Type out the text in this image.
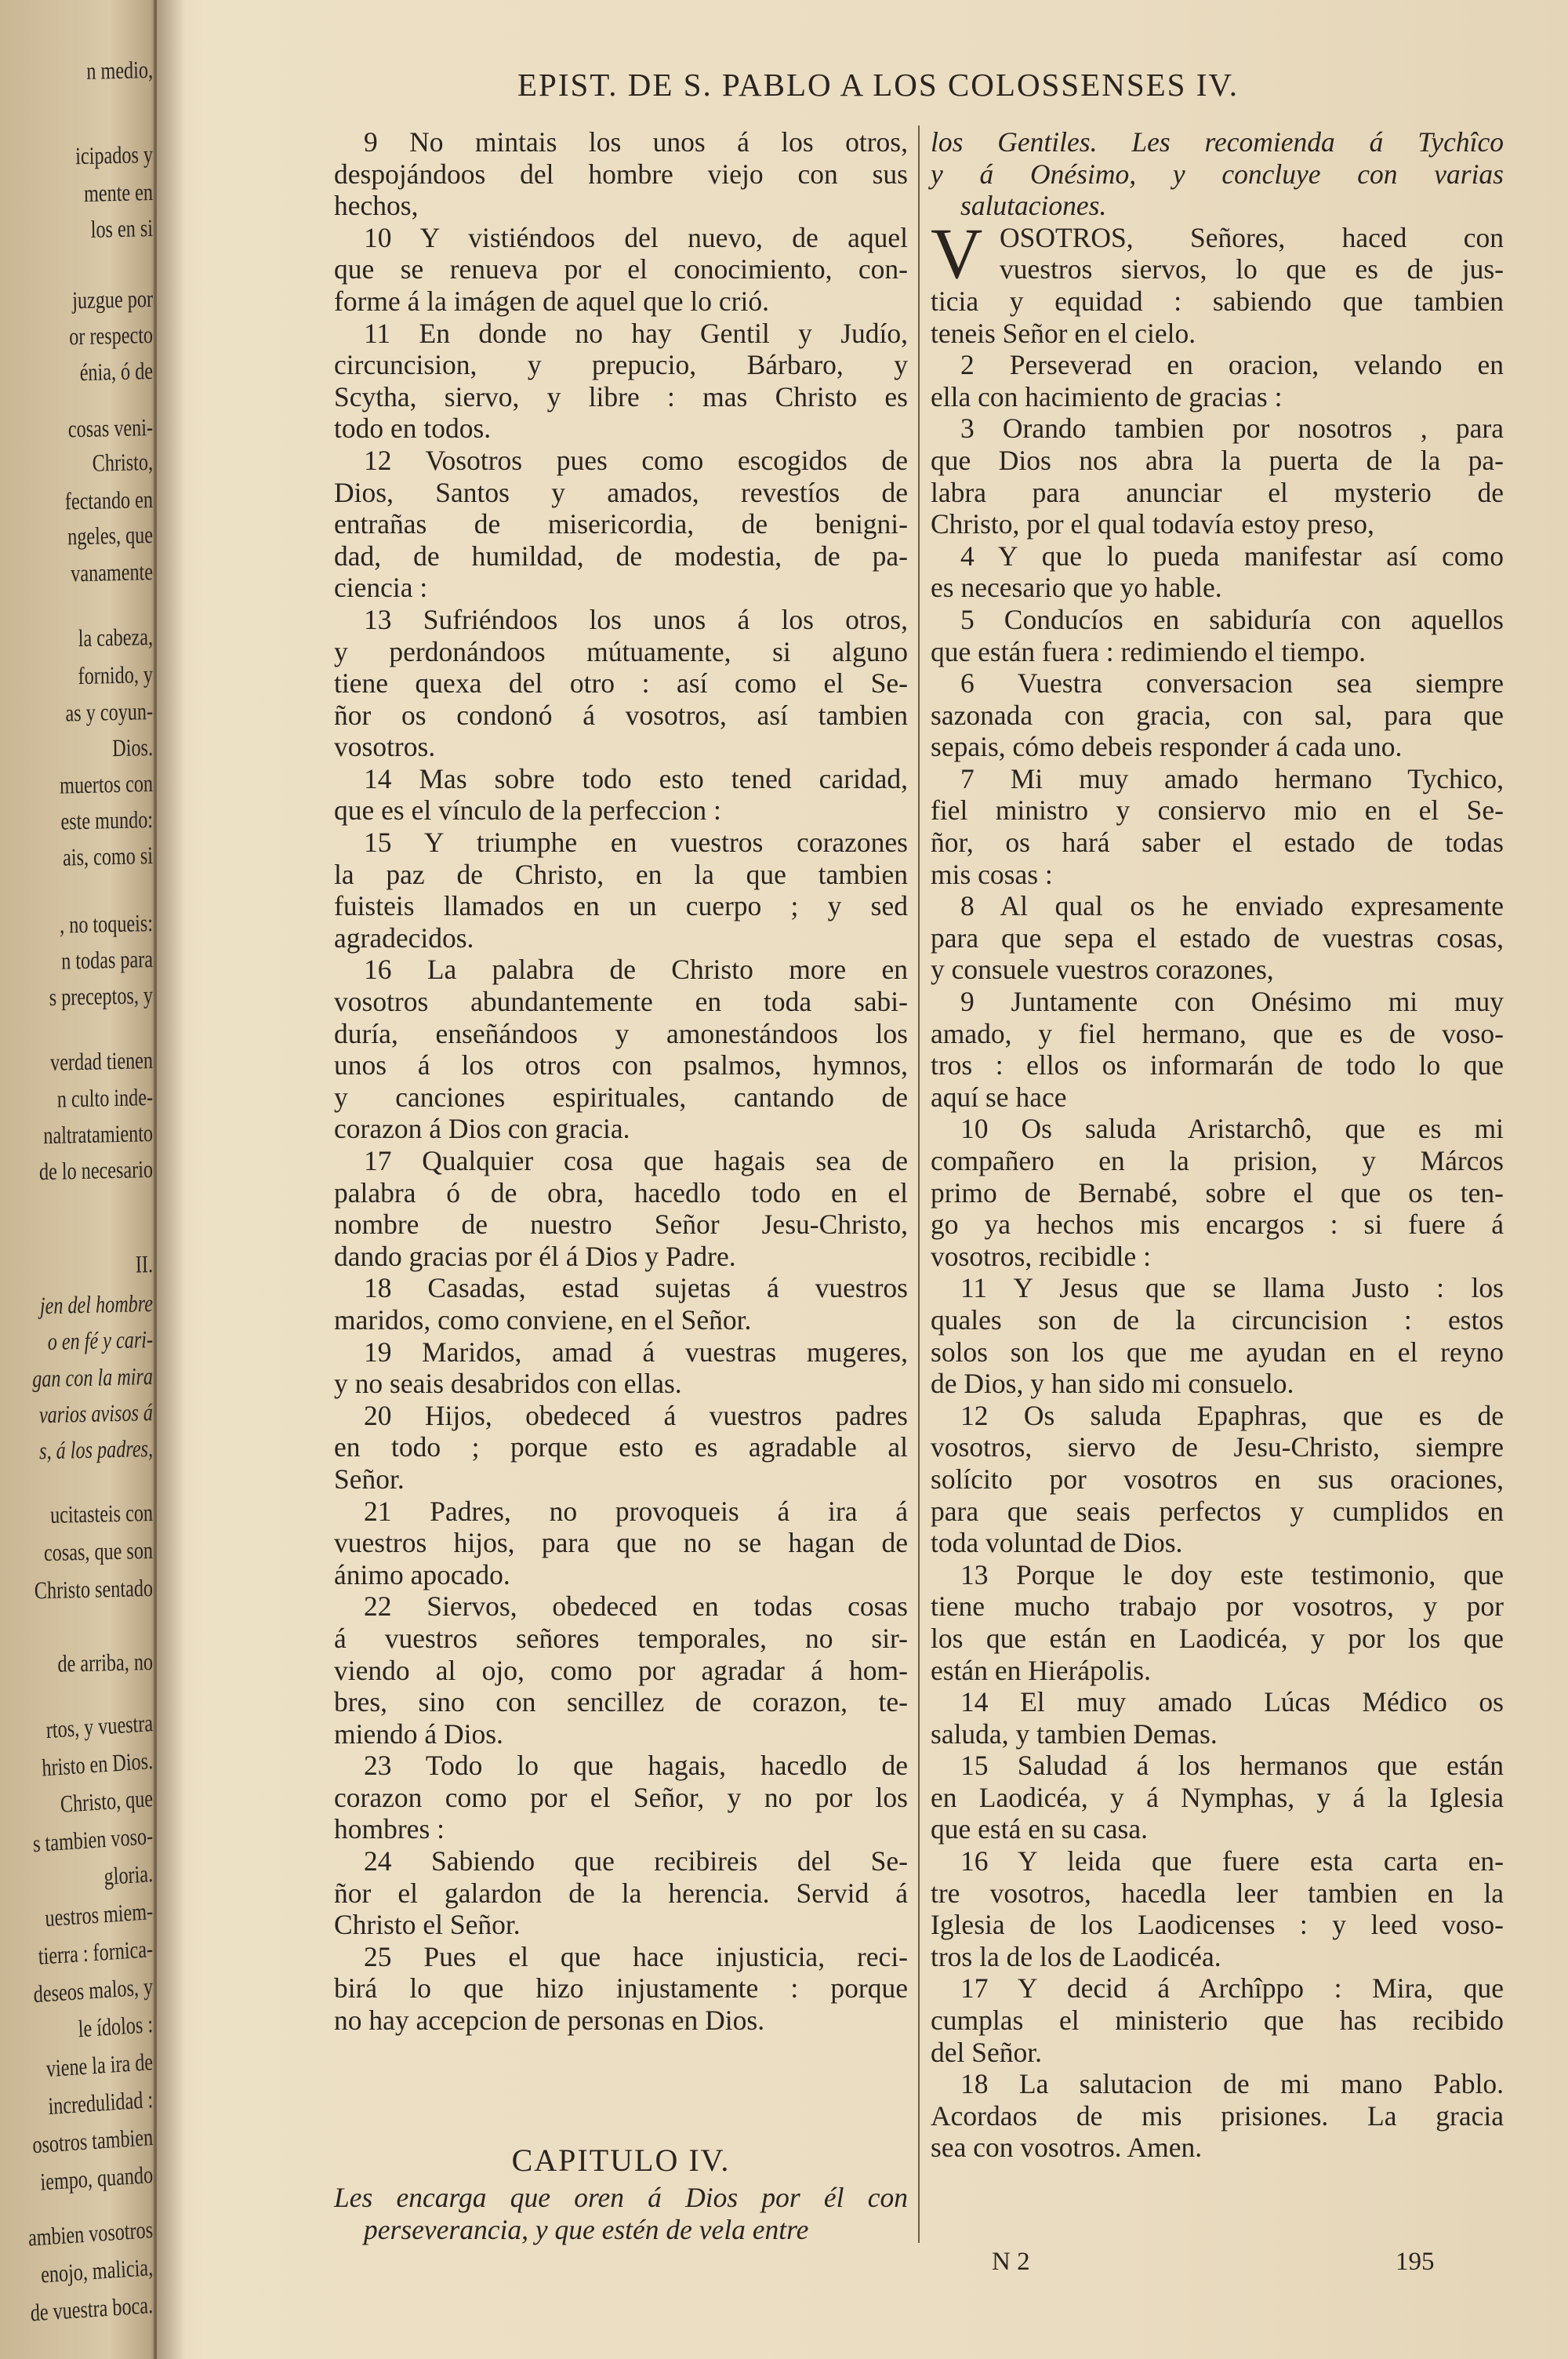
n medio,
icipados y
mente en
los en si
juzgue por
or respecto
énia, ó de
cosas veni-
Christo,
fectando en
ngeles, que
vanamente
la cabeza,
fornido, y
as y coyun-
Dios.
muertos con
este mundo:
ais, como si
, no toqueis:
n todas para
s preceptos, y
verdad tienen
n culto inde-
naltratamiento
de lo necesario
II.
jen del hombre
o en fé y cari-
gan con la mira
varios avisos á
s, á los padres,
ucitasteis con
cosas, que son
Christo sentado
de arriba, no
rtos, y vuestra
hristo en Dios.
Christo, que
s tambien voso-
gloria.
uestros miem-
tierra : fornica-
deseos malos, y
le ídolos :
viene la ira de
incredulidad :
osotros tambien
iempo, quando
ambien vosotros
enojo, malicia,
de vuestra boca.
EPIST. DE S. PABLO A LOS COLOSSENSES IV.
9 No mintais los unos á los otros,
despojándoos del hombre viejo con sus
hechos,
10 Y vistiéndoos del nuevo, de aquel
que se renueva por el conocimiento, con-
forme á la imágen de aquel que lo crió.
11 En donde no hay Gentil y Judío,
circuncision, y prepucio, Bárbaro, y
Scytha, siervo, y libre : mas Christo es
todo en todos.
12 Vosotros pues como escogidos de
Dios, Santos y amados, revestíos de
entrañas de misericordia, de benigni-
dad, de humildad, de modestia, de pa-
ciencia :
13 Sufriéndoos los unos á los otros,
y perdonándoos mútuamente, si alguno
tiene quexa del otro : así como el Se-
ñor os condonó á vosotros, así tambien
vosotros.
14 Mas sobre todo esto tened caridad,
que es el vínculo de la perfeccion :
15 Y triumphe en vuestros corazones
la paz de Christo, en la que tambien
fuisteis llamados en un cuerpo ; y sed
agradecidos.
16 La palabra de Christo more en
vosotros abundantemente en toda sabi-
duría, enseñándoos y amonestándoos los
unos á los otros con psalmos, hymnos,
y canciones espirituales, cantando de
corazon á Dios con gracia.
17 Qualquier cosa que hagais sea de
palabra ó de obra, hacedlo todo en el
nombre de nuestro Señor Jesu-Christo,
dando gracias por él á Dios y Padre.
18 Casadas, estad sujetas á vuestros
maridos, como conviene, en el Señor.
19 Maridos, amad á vuestras mugeres,
y no seais desabridos con ellas.
20 Hijos, obedeced á vuestros padres
en todo ; porque esto es agradable al
Señor.
21 Padres, no provoqueis á ira á
vuestros hijos, para que no se hagan de
ánimo apocado.
22 Siervos, obedeced en todas cosas
á vuestros señores temporales, no sir-
viendo al ojo, como por agradar á hom-
bres, sino con sencillez de corazon, te-
miendo á Dios.
23 Todo lo que hagais, hacedlo de
corazon como por el Señor, y no por los
hombres :
24 Sabiendo que recibireis del Se-
ñor el galardon de la herencia. Servid á
Christo el Señor.
25 Pues el que hace injusticia, reci-
birá lo que hizo injustamente : porque
no hay accepcion de personas en Dios.
CAPITULO IV.
Les encarga que oren á Dios por él con
perseverancia, y que estén de vela entre
los Gentiles. Les recomienda á Tychîco
y á Onésimo, y concluye con varias
salutaciones.
V OSOTROS, Señores, haced con
vuestros siervos, lo que es de jus-
ticia y equidad : sabiendo que tambien
teneis Señor en el cielo.
2 Perseverad en oracion, velando en
ella con hacimiento de gracias :
3 Orando tambien por nosotros , para
que Dios nos abra la puerta de la pa-
labra para anunciar el mysterio de
Christo, por el qual todavía estoy preso,
4 Y que lo pueda manifestar así como
es necesario que yo hable.
5 Conducíos en sabiduría con aquellos
que están fuera : redimiendo el tiempo.
6 Vuestra conversacion sea siempre
sazonada con gracia, con sal, para que
sepais, cómo debeis responder á cada uno.
7 Mi muy amado hermano Tychico,
fiel ministro y consiervo mio en el Se-
ñor, os hará saber el estado de todas
mis cosas :
8 Al qual os he enviado expresamente
para que sepa el estado de vuestras cosas,
y consuele vuestros corazones,
9 Juntamente con Onésimo mi muy
amado, y fiel hermano, que es de voso-
tros : ellos os informarán de todo lo que
aquí se hace
10 Os saluda Aristarchô, que es mi
compañero en la prision, y Márcos
primo de Bernabé, sobre el que os ten-
go ya hechos mis encargos : si fuere á
vosotros, recibidle :
11 Y Jesus que se llama Justo : los
quales son de la circuncision : estos
solos son los que me ayudan en el reyno
de Dios, y han sido mi consuelo.
12 Os saluda Epaphras, que es de
vosotros, siervo de Jesu-Christo, siempre
solícito por vosotros en sus oraciones,
para que seais perfectos y cumplidos en
toda voluntad de Dios.
13 Porque le doy este testimonio, que
tiene mucho trabajo por vosotros, y por
los que están en Laodicéa, y por los que
están en Hierápolis.
14 El muy amado Lúcas Médico os
saluda, y tambien Demas.
15 Saludad á los hermanos que están
en Laodicéa, y á Nymphas, y á la Iglesia
que está en su casa.
16 Y leida que fuere esta carta en-
tre vosotros, hacedla leer tambien en la
Iglesia de los Laodicenses : y leed voso-
tros la de los de Laodicéa.
17 Y decid á Archîppo : Mira, que
cumplas el ministerio que has recibido
del Señor.
18 La salutacion de mi mano Pablo.
Acordaos de mis prisiones. La gracia
sea con vosotros. Amen.
N 2	195
